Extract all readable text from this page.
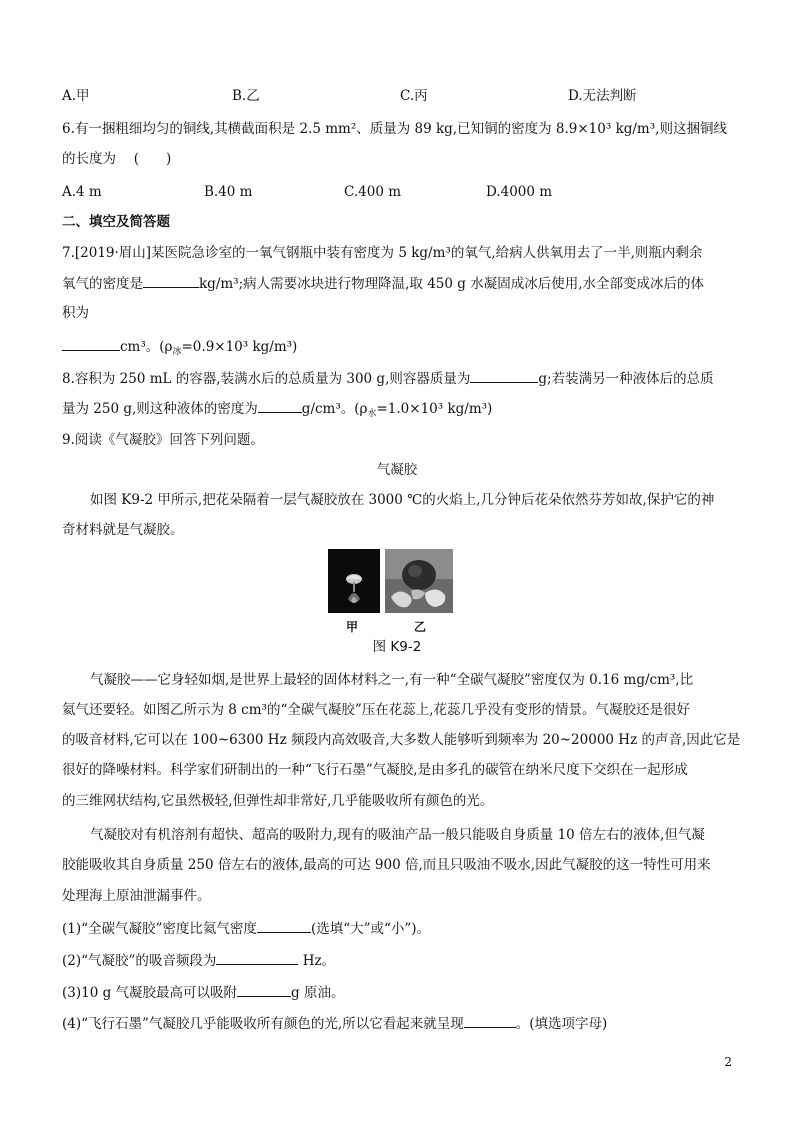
A.甲	B.乙	C.丙	D.无法判断
6.有一捆粗细均匀的铜线,其横截面积是 2.5 mm²、质量为 89 kg,已知铜的密度为 8.9×10³ kg/m³,则这捆铜线
的长度为　 (　　)
A.4 m	B.40 m	C.400 m	D.4000 m
二、填空及简答题
7.[2019·眉山]某医院急诊室的一氧气钢瓶中装有密度为 5 kg/m³的氧气,给病人供氧用去了一半,则瓶内剩余
氧气的密度是	kg/m³;病人需要冰块进行物理降温,取 450 g 水凝固成冰后使用,水全部变成冰后的体
积为
cm³。($\rho_冰=0.9\times 10^3$ kg/m³)
8.容积为 250 mL 的容器,装满水后的总质量为 300 g,则容器质量为	g;若装满另一种液体后的总质
量为 250 g,则这种液体的密度为	g/cm³。($\rho_水=1.0\times 10^3$ kg/m³)
9.阅读《气凝胶》回答下列问题。
气凝胶
如图 K9-2 甲所示,把花朵隔着一层气凝胶放在 3000 ℃的火焰上,几分钟后花朵依然芬芳如故,保护它的神
奇材料就是气凝胶。
甲	乙
图 K9-2
气凝胶——它身轻如烟,是世界上最轻的固体材料之一,有一种“全碳气凝胶”密度仅为 0.16 mg/cm³,比
氦气还要轻。如图乙所示为 8 cm³的“全碳气凝胶”压在花蕊上,花蕊几乎没有变形的情景。气凝胶还是很好
的吸音材料,它可以在 100~6300 Hz 频段内高效吸音,大多数人能够听到频率为 20~20000 Hz 的声音,因此它是
很好的降噪材料。科学家们研制出的一种“飞行石墨”气凝胶,是由多孔的碳管在纳米尺度下交织在一起形成
的三维网状结构,它虽然极轻,但弹性却非常好,几乎能吸收所有颜色的光。
气凝胶对有机溶剂有超快、超高的吸附力,现有的吸油产品一般只能吸自身质量 10 倍左右的液体,但气凝
胶能吸收其自身质量 250 倍左右的液体,最高的可达 900 倍,而且只吸油不吸水,因此气凝胶的这一特性可用来
处理海上原油泄漏事件。
(1)“全碳气凝胶”密度比氦气密度	(选填“大”或“小”)。
(2)“气凝胶”的吸音频段为	Hz。
(3)10 g 气凝胶最高可以吸附	g 原油。
(4)“飞行石墨”气凝胶几乎能吸收所有颜色的光,所以它看起来就呈现	。(填选项字母)
2
